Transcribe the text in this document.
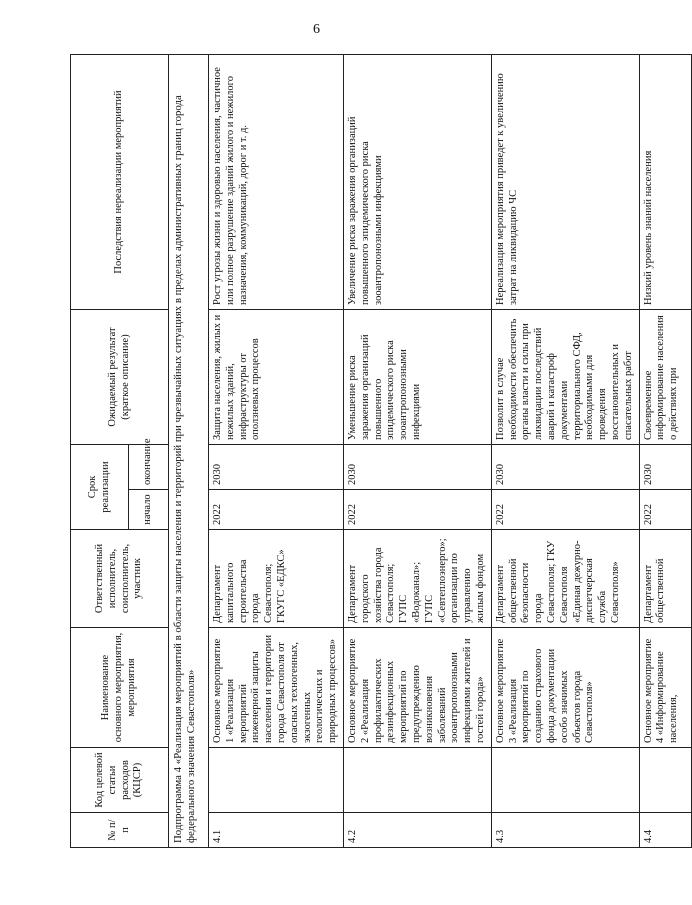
6
№ п/п	Код целевой статьи расходов (КЦСР)	Наименование основного мероприятия, мероприятия	Ответственный исполнитель, соисполнитель, участник	Срок реализации		Ожидаемый результат (краткое описание)	Последствия нереализации мероприятий
				начало	окончание		
Подпрограмма 4 «Реализация мероприятий в области защиты населения и территорий при чрезвычайных ситуациях в пределах административных границ города федерального значения Севастополя»							
4.1		Основное мероприятие 1 «Реализация мероприятий инженерной защиты населения и территории города Севастополя от опасных техногенных, экзогенных геологических и природных процессов»	Департамент капитального строительства города Севастополя; ГКУГС «ЕДКС»	2022	2030	Защита населения, жилых и нежилых зданий, инфраструктуры от оползневых процессов	Рост угрозы жизни и здоровью населения, частичное или полное разрушение зданий жилого и нежилого назначения, коммуникаций, дорог и т. д.
4.2		Основное мероприятие 2 «Реализация профилактических дезинфекционных мероприятий по предупреждению возникновения заболеваний зооантропонозными инфекциями жителей и гостей города»	Департамент городского хозяйства города Севастополя; ГУПС «Водоканал»; ГУПС «Севтеплоэнерго»; организации по управлению жилым фондом	2022	2030	Уменьшение риска заражения организаций повышенного эпидемического риска зооантропонозными инфекциями	Увеличение риска заражения организаций повышенного эпидемического риска зооантропонозными инфекциями
4.3		Основное мероприятие 3 «Реализация мероприятий по созданию страхового фонда документации особо значимых объектов города Севастополя»	Департамент общественной безопасности города Севастополя; ГКУ Севастополя «Единая дежурно-диспетчерская служба Севастополя»	2022	2030	Позволит в случае необходимости обеспечить органы власти и силы при ликвидации последствий аварий и катастроф документами территориального СФД, необходимыми для проведения восстановительных и спасательных работ	Нереализация мероприятия приведет к увеличению затрат на ликвидацию ЧС
4.4		Основное мероприятие 4 «Информирование населения,	Департамент общественной	2022	2030	Своевременное информирование населения о действиях при	Низкий уровень знаний населения
